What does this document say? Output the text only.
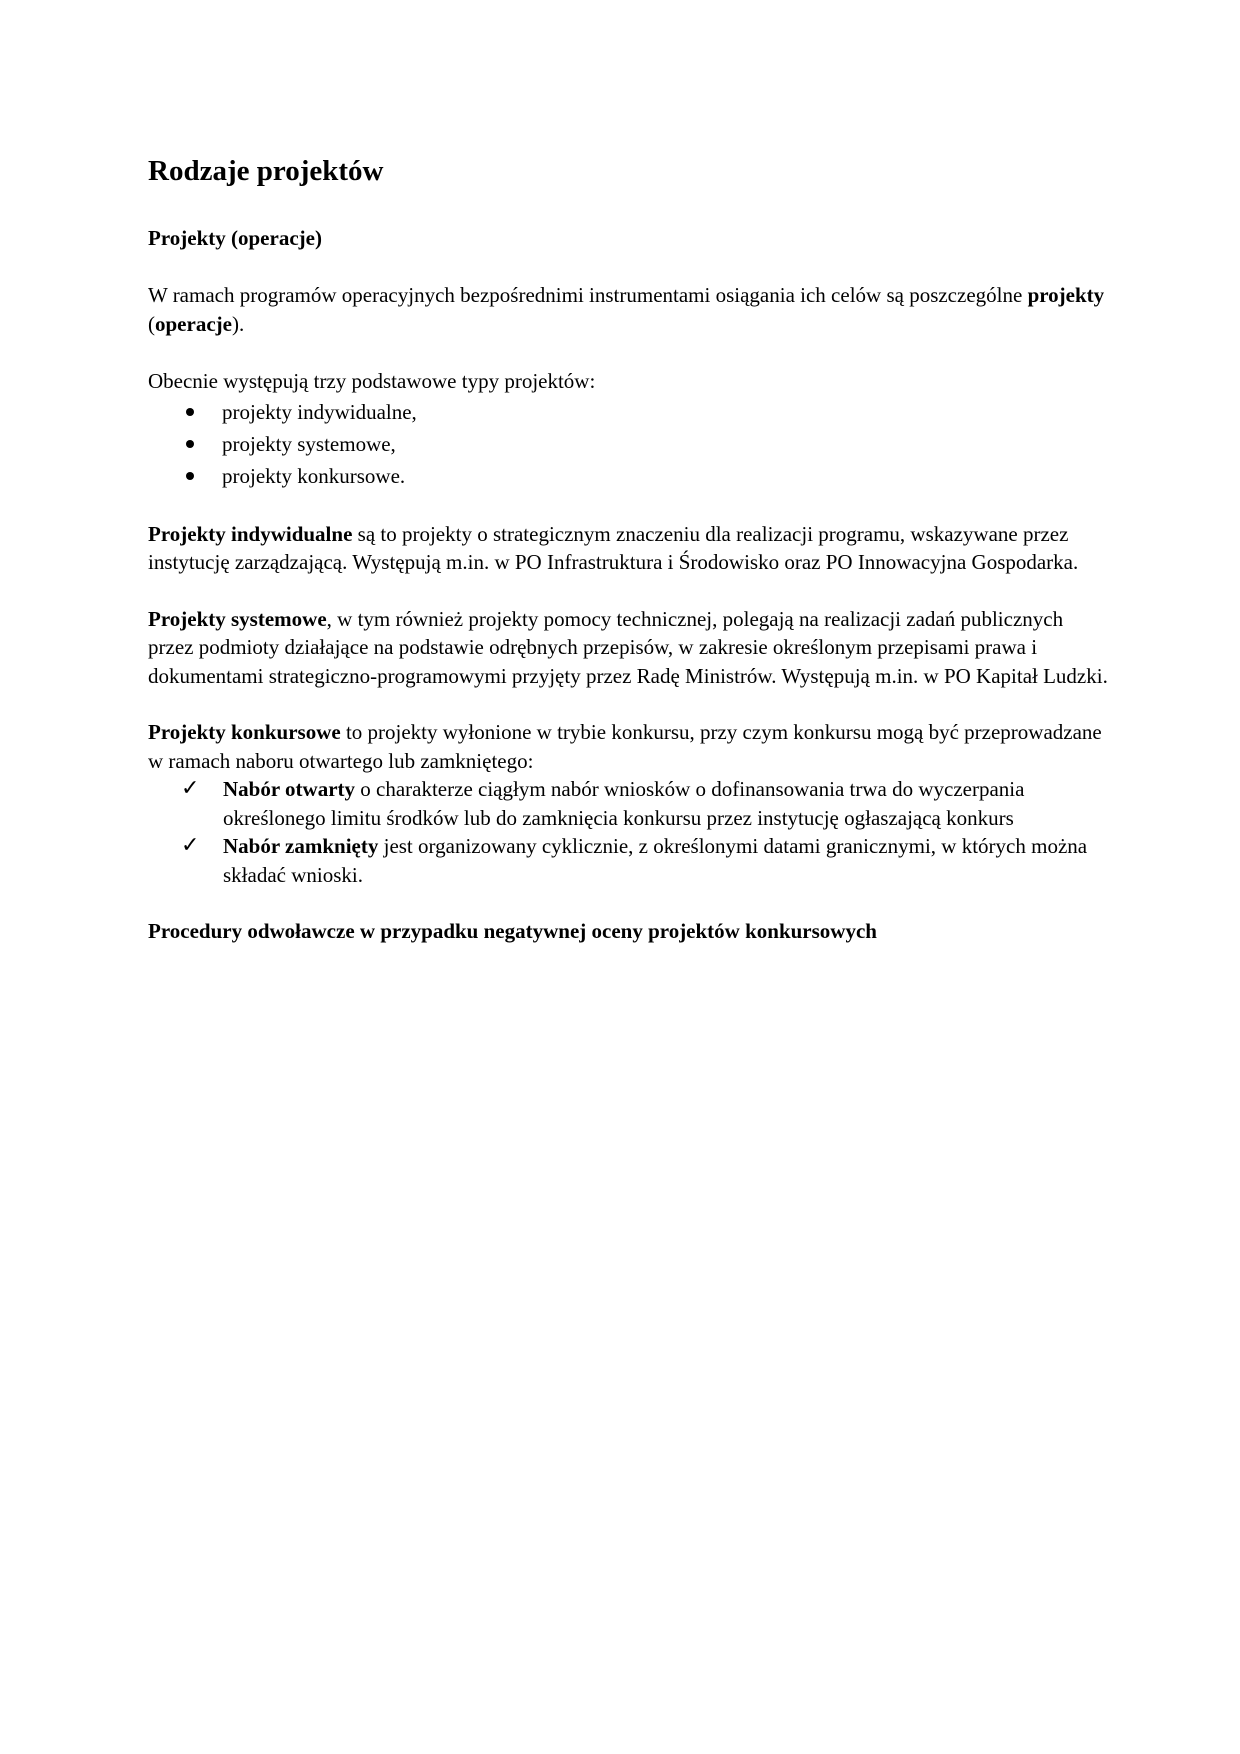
Rodzaje projektów
Projekty (operacje)

W ramach programów operacyjnych bezpośrednimi instrumentami osiągania ich celów są poszczególne projekty (operacje).

Obecnie występują trzy podstawowe typy projektów:

projekty indywidualne,
projekty systemowe,
projekty konkursowe.

Projekty indywidualne są to projekty o strategicznym znaczeniu dla realizacji programu, wskazywane przez instytucję zarządzającą. Występują m.in. w PO Infrastruktura i Środowisko oraz PO Innowacyjna Gospodarka.

Projekty systemowe, w tym również projekty pomocy technicznej, polegają na realizacji zadań publicznych przez podmioty działające na podstawie odrębnych przepisów, w zakresie określonym przepisami prawa i dokumentami strategiczno-programowymi przyjęty przez Radę Ministrów. Występują m.in. w PO Kapitał Ludzki.

Projekty konkursowe to projekty wyłonione w trybie konkursu, przy czym konkursu mogą być przeprowadzane w ramach naboru otwartego lub zamkniętego:

✓ Nabór otwarty o charakterze ciągłym nabór wniosków o dofinansowania trwa do wyczerpania określonego limitu środków lub do zamknięcia konkursu przez instytucję ogłaszającą konkurs
✓ Nabór zamknięty jest organizowany cyklicznie, z określonymi datami granicznymi, w których można składać wnioski.
Procedury odwoławcze w przypadku negatywnej oceny projektów konkursowych
